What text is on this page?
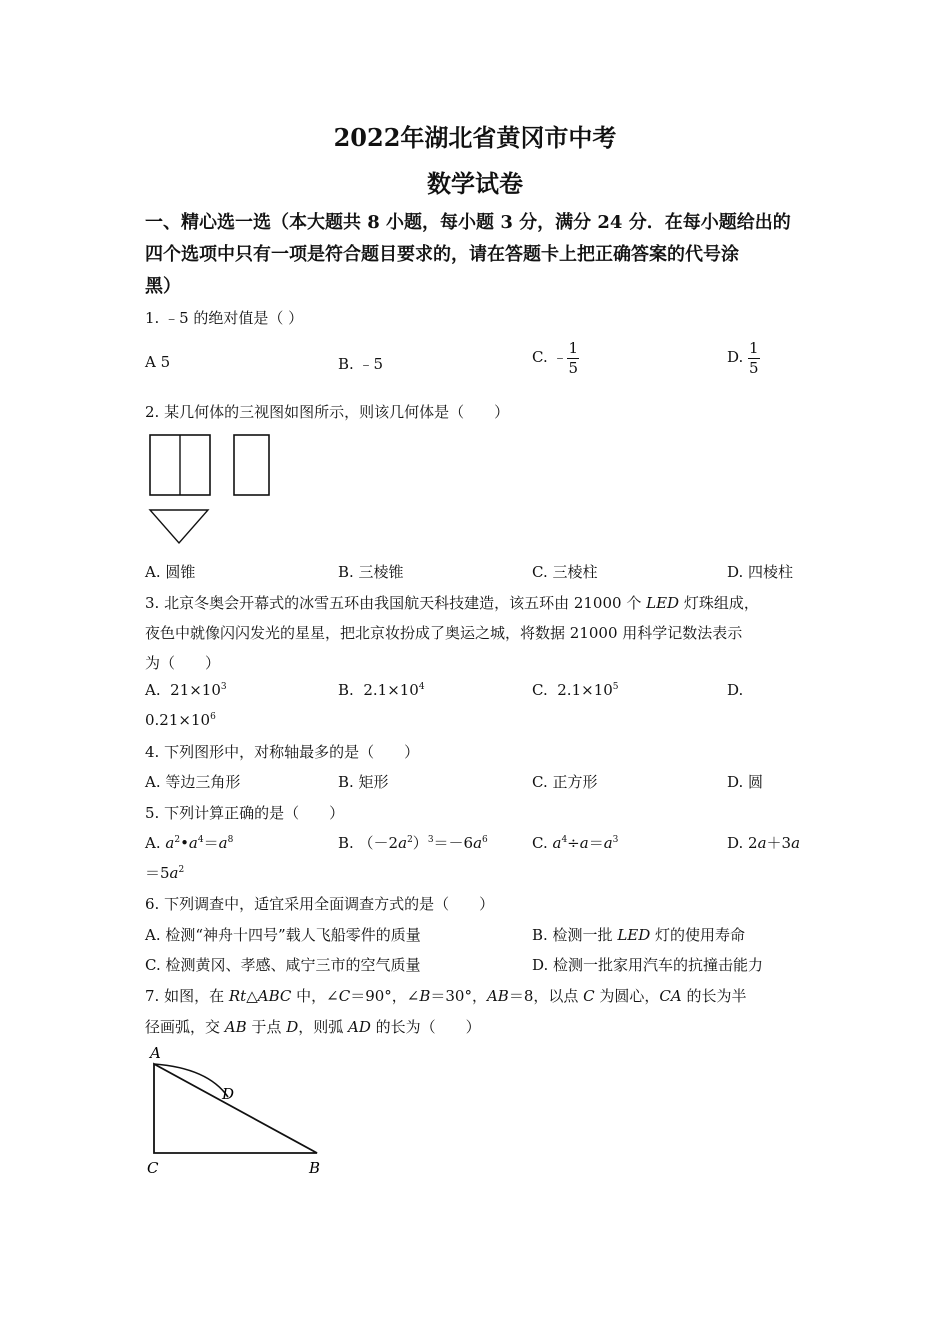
2022年湖北省黄冈市中考
数学试卷
一、精心选一选（本大题共 8 小题，每小题 3 分，满分 24 分．在每小题给出的
四个选项中只有一项是符合题目要求的，请在答题卡上把正确答案的代号涂
黑）
1. ﹣5 的绝对值是（ ）
A 5	B. ﹣5	C. ﹣ $\frac{1}{5}$	D. $\frac{1}{5}$
2. 某几何体的三视图如图所示，则该几何体是（　　）
A. 圆锥	B. 三棱锥	C. 三棱柱	D. 四棱柱
3. 北京冬奥会开幕式的冰雪五环由我国航天科技建造，该五环由 21000 个 LED 灯珠组成，
夜色中就像闪闪发光的星星，把北京妆扮成了奥运之城，将数据 21000 用科学记数法表示
为（　　）
A. $21\times 10^3$	B. $2.1\times 10^4$	C. $2.1\times 10^5$	D.
$0.21\times 10^6$
4. 下列图形中，对称轴最多的是（　　）
A. 等边三角形	B. 矩形	C. 正方形	D. 圆
5. 下列计算正确的是（　　）
A. $a^2•a^4=a^8$	B. $(-2a^2)^3=-6a^6$	C. $a^4\div a=a^3$	D. 2a＋3a
$=5a^2$
6. 下列调查中，适宜采用全面调查方式的是（　　）
A. 检测“神舟十四号”载人飞船零件的质量	B. 检测一批 LED 灯的使用寿命
C. 检测黄冈、孝感、咸宁三市的空气质量	D. 检测一批家用汽车的抗撞击能力
7. 如图，在 Rt△ABC 中，∠C＝90°，∠B＝30°，AB＝8，以点 C 为圆心，CA 的长为半
径画弧，交 AB 于点 D，则弧 AD 的长为（　　）
A
D
C	B
